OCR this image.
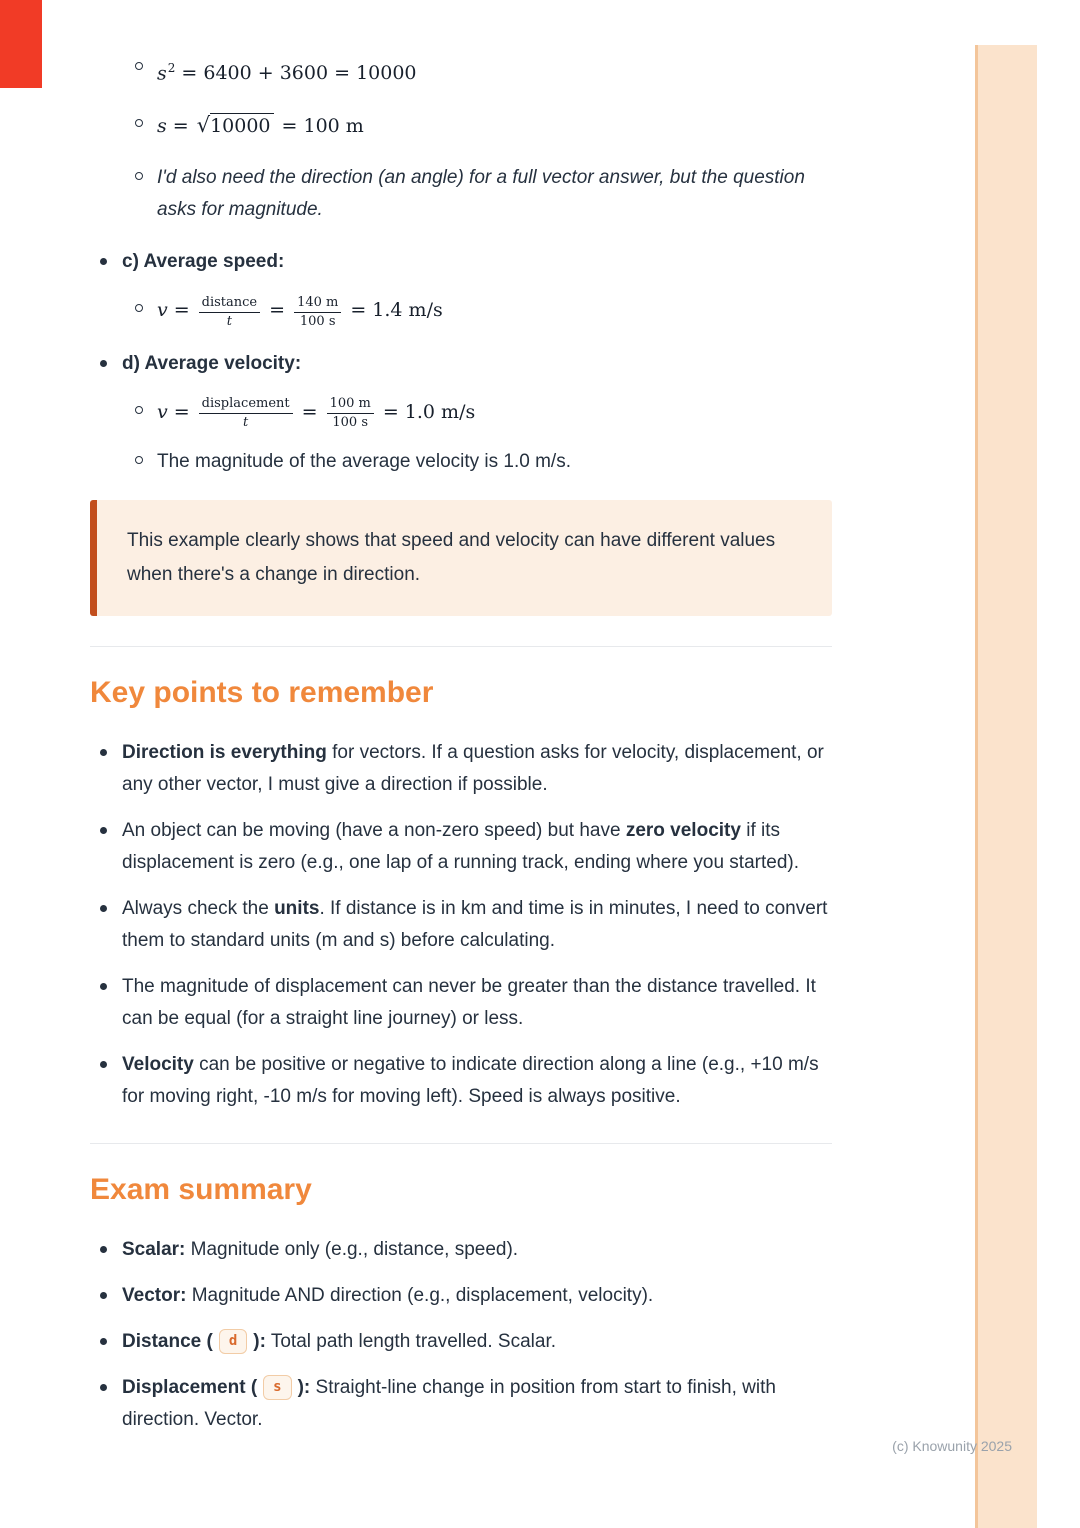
$s^2 = 6400 + 3600 = 10000$

s = √10000 = 100 m

I'd also need the direction (an angle) for a full vector answer, but the question asks for magnitude.

c) Average speed:

$v = \frac{\text{distance}}{t} = \frac{140 m}{100 s} = 1.4$ m/s

d) Average velocity:

$v = \frac{\text{displacement}}{t} = \frac{100 m}{100 s} = 1.0$ m/s

The magnitude of the average velocity is 1.0 m/s.

This example clearly shows that speed and velocity can have different values when there's a change in direction.

Key points to remember

Direction is everything for vectors. If a question asks for velocity, displacement, or any other vector, I must give a direction if possible.

An object can be moving (have a non-zero speed) but have zero velocity if its displacement is zero (e.g., one lap of a running track, ending where you started).

Always check the units. If distance is in km and time is in minutes, I need to convert them to standard units (m and s) before calculating.

The magnitude of displacement can never be greater than the distance travelled. It can be equal (for a straight line journey) or less.

Velocity can be positive or negative to indicate direction along a line (e.g., +10 m/s for moving right, -10 m/s for moving left). Speed is always positive.

Exam summary

Scalar: Magnitude only (e.g., distance, speed).

Vector: Magnitude AND direction (e.g., displacement, velocity).

Distance ( d ): Total path length travelled. Scalar.

Displacement ( s ): Straight-line change in position from start to finish, with direction. Vector.

(c) Knowunity 2025
